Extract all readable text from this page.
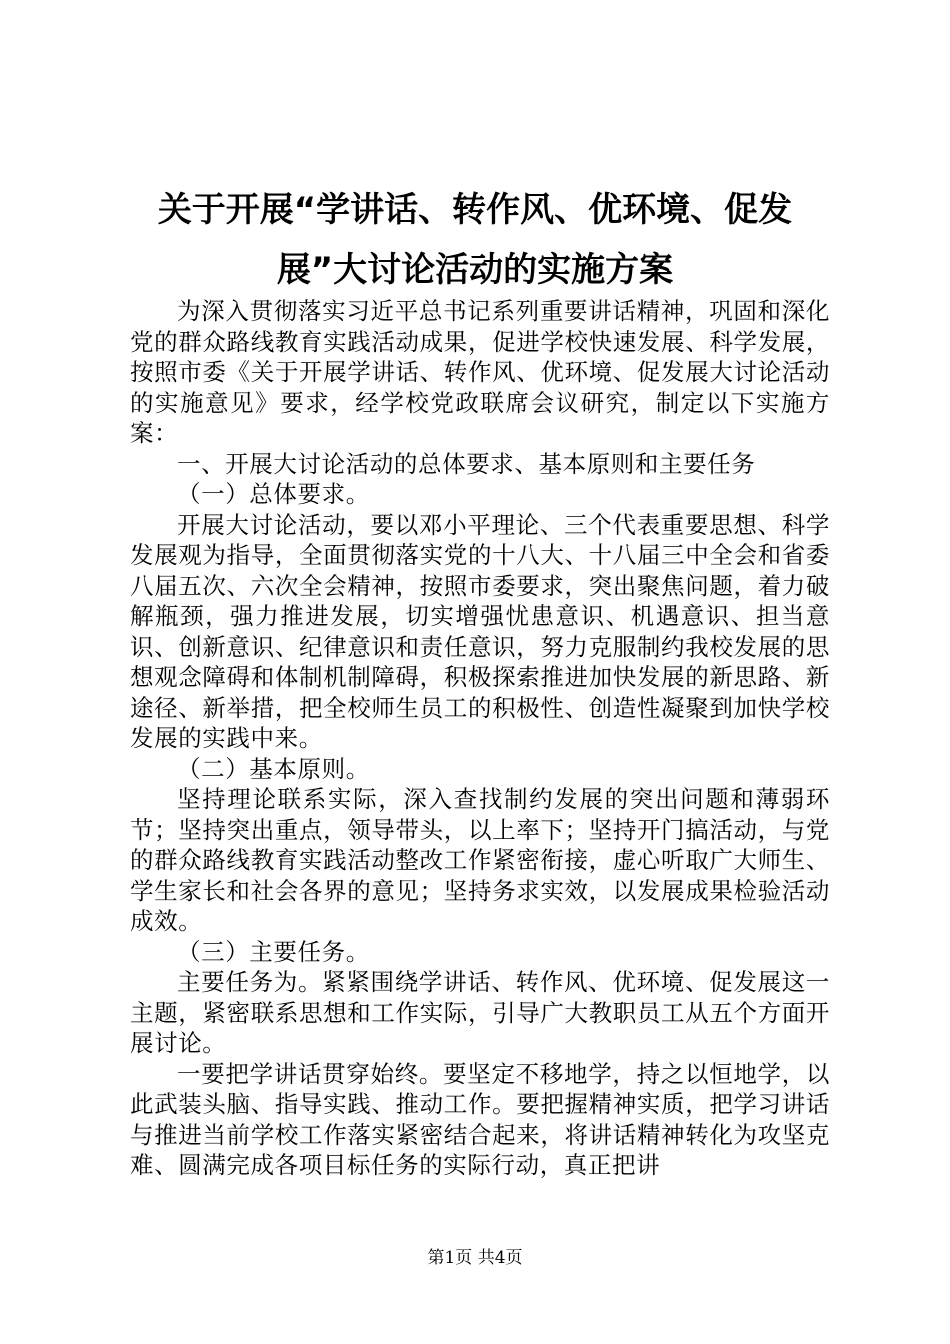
关于开展“学讲话、转作风、优环境、促发
展”大讨论活动的实施方案

为深入贯彻落实习近平总书记系列重要讲话精神，巩固和深化党的群众路线教育实践活动成果，促进学校快速发展、科学发展，按照市委《关于开展学讲话、转作风、优环境、促发展大讨论活动的实施意见》要求，经学校党政联席会议研究，制定以下实施方案：

一、开展大讨论活动的总体要求、基本原则和主要任务

（一）总体要求。

开展大讨论活动，要以邓小平理论、三个代表重要思想、科学发展观为指导，全面贯彻落实党的十八大、十八届三中全会和省委八届五次、六次全会精神，按照市委要求，突出聚焦问题，着力破解瓶颈，强力推进发展，切实增强忧患意识、机遇意识、担当意识、创新意识、纪律意识和责任意识，努力克服制约我校发展的思想观念障碍和体制机制障碍，积极探索推进加快发展的新思路、新途径、新举措，把全校师生员工的积极性、创造性凝聚到加快学校发展的实践中来。

（二）基本原则。

坚持理论联系实际，深入查找制约发展的突出问题和薄弱环节；坚持突出重点，领导带头，以上率下；坚持开门搞活动，与党的群众路线教育实践活动整改工作紧密衔接，虚心听取广大师生、学生家长和社会各界的意见；坚持务求实效，以发展成果检验活动成效。

（三）主要任务。

主要任务为。紧紧围绕学讲话、转作风、优环境、促发展这一主题，紧密联系思想和工作实际，引导广大教职员工从五个方面开展讨论。

一要把学讲话贯穿始终。要坚定不移地学，持之以恒地学，以此武装头脑、指导实践、推动工作。要把握精神实质，把学习讲话与推进当前学校工作落实紧密结合起来，将讲话精神转化为攻坚克难、圆满完成各项目标任务的实际行动，真正把讲

第1页 共4页
